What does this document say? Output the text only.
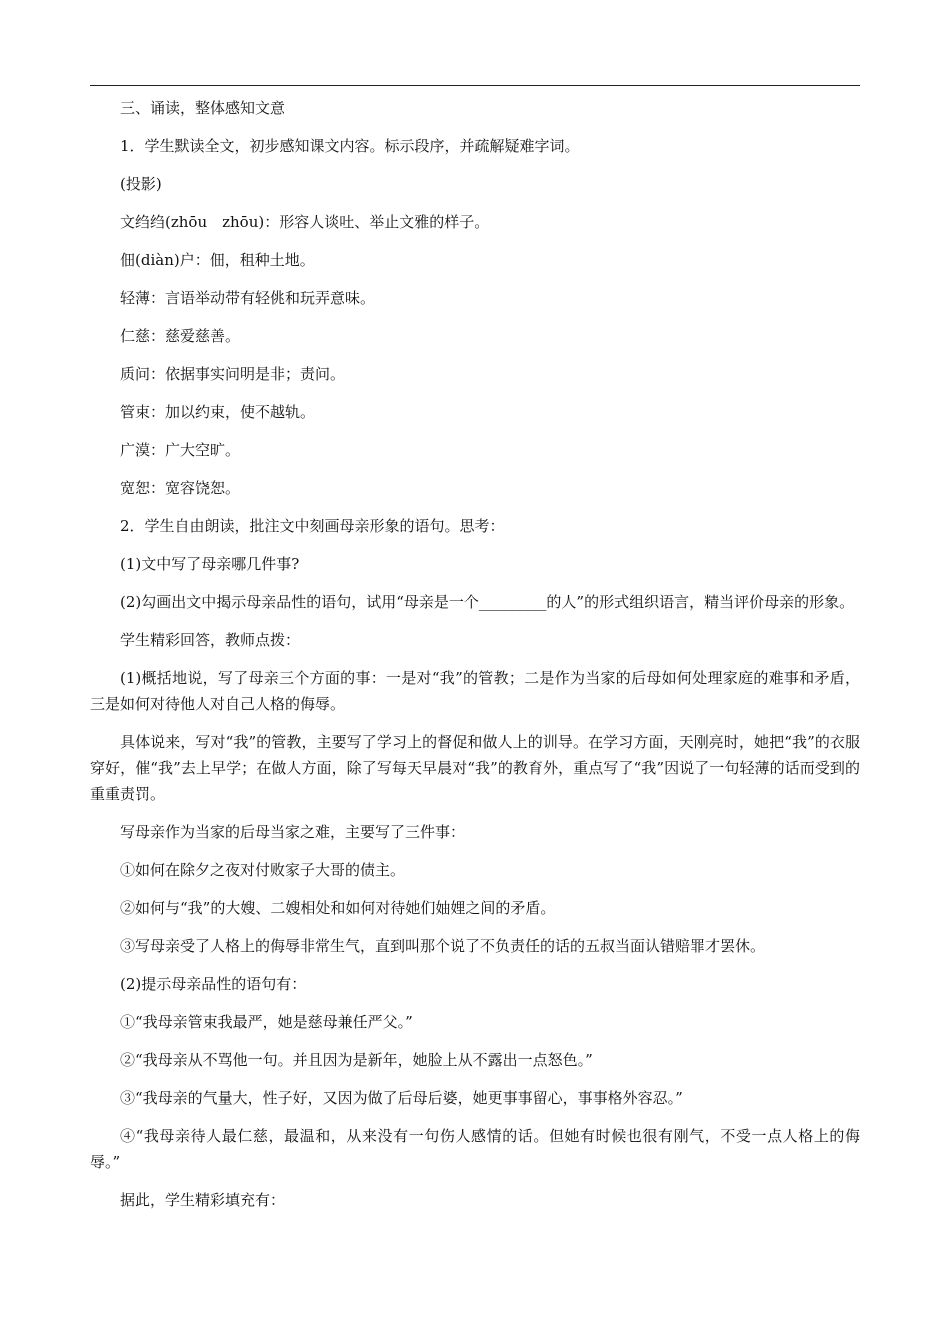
三、诵读，整体感知文意

1．学生默读全文，初步感知课文内容。标示段序，并疏解疑难字词。

(投影)

文绉绉(zhōu　zhōu)：形容人谈吐、举止文雅的样子。

佃(diàn)户：佃，租种土地。

轻薄：言语举动带有轻佻和玩弄意味。

仁慈：慈爱慈善。

质问：依据事实问明是非；责问。

管束：加以约束，使不越轨。

广漠：广大空旷。

宽恕：宽容饶恕。

2．学生自由朗读，批注文中刻画母亲形象的语句。思考：

(1)文中写了母亲哪几件事?

(2)勾画出文中揭示母亲品性的语句，试用“母亲是一个_________的人”的形式组织语言，精当评价母亲的形象。

学生精彩回答，教师点拨：

(1)概括地说，写了母亲三个方面的事：一是对“我”的管教；二是作为当家的后母如何处理家庭的难事和矛盾，三是如何对待他人对自己人格的侮辱。

具体说来，写对“我”的管教，主要写了学习上的督促和做人上的训导。在学习方面，天刚亮时，她把“我”的衣服穿好，催“我”去上早学；在做人方面，除了写每天早晨对“我”的教育外，重点写了“我”因说了一句轻薄的话而受到的重重责罚。

写母亲作为当家的后母当家之难，主要写了三件事：

①如何在除夕之夜对付败家子大哥的债主。

②如何与“我”的大嫂、二嫂相处和如何对待她们妯娌之间的矛盾。

③写母亲受了人格上的侮辱非常生气，直到叫那个说了不负责任的话的五叔当面认错赔罪才罢休。

(2)提示母亲品性的语句有：

①“我母亲管束我最严，她是慈母兼任严父。”

②“我母亲从不骂他一句。并且因为是新年，她脸上从不露出一点怒色。”

③“我母亲的气量大，性子好，又因为做了后母后婆，她更事事留心，事事格外容忍。”

④“我母亲待人最仁慈，最温和，从来没有一句伤人感情的话。但她有时候也很有刚气，不受一点人格上的侮辱。”

据此，学生精彩填充有：
